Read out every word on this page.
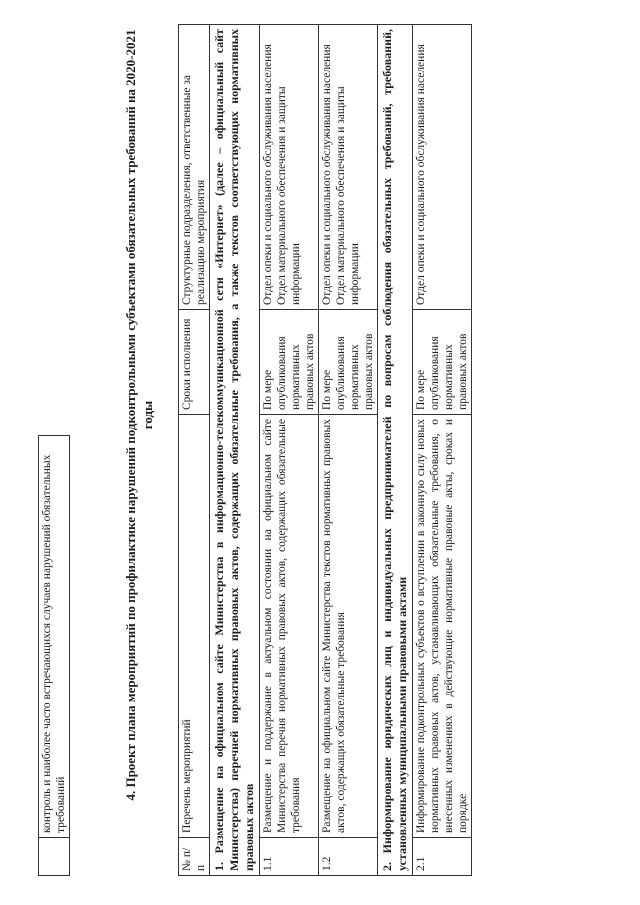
	контроль и наиболее часто встречающихся случаев нарушений обязательных требований
4. Проект плана мероприятий по профилактике нарушений подконтрольными субъектами обязательных требований на 2020-2021 годы
№ п/п	Перечень мероприятий	Сроки исполнения	Структурные подразделения, ответственные за реализацию мероприятия
1. Размещение на официальном сайте Министерства в информационно-телекоммуникационной сети «Интернет» (далее – официальный сайт Министерства) перечней нормативных правовых актов, содержащих обязательные требования, а также текстов соответствующих нормативных правовых актов			
1.1	Размещение и поддержание в актуальном состоянии на официальном сайте Министерства перечня нормативных правовых актов, содержащих обязательные требования	По мере опубликования нормативных правовых актов	Отдел опеки и социального обслуживания населения Отдел материального обеспечения и защиты информации
1.2	Размещение на официальном сайте Министерства текстов нормативных правовых актов, содержащих обязательные требования	По мере опубликования нормативных правовых актов	Отдел опеки и социального обслуживания населения Отдел материального обеспечения и защиты информации
2. Информирование юридических лиц и индивидуальных предпринимателей по вопросам соблюдения обязательных требований, требований, установленных муниципальными правовыми актами			
2.1	Информирование подконтрольных субъектов о вступлении в законную силу новых нормативных правовых актов, устанавливающих обязательные требования, о внесенных изменениях в действующие нормативные правовые акты, сроках и порядке	По мере опубликования нормативных правовых актов	Отдел опеки и социального обслуживания населения
